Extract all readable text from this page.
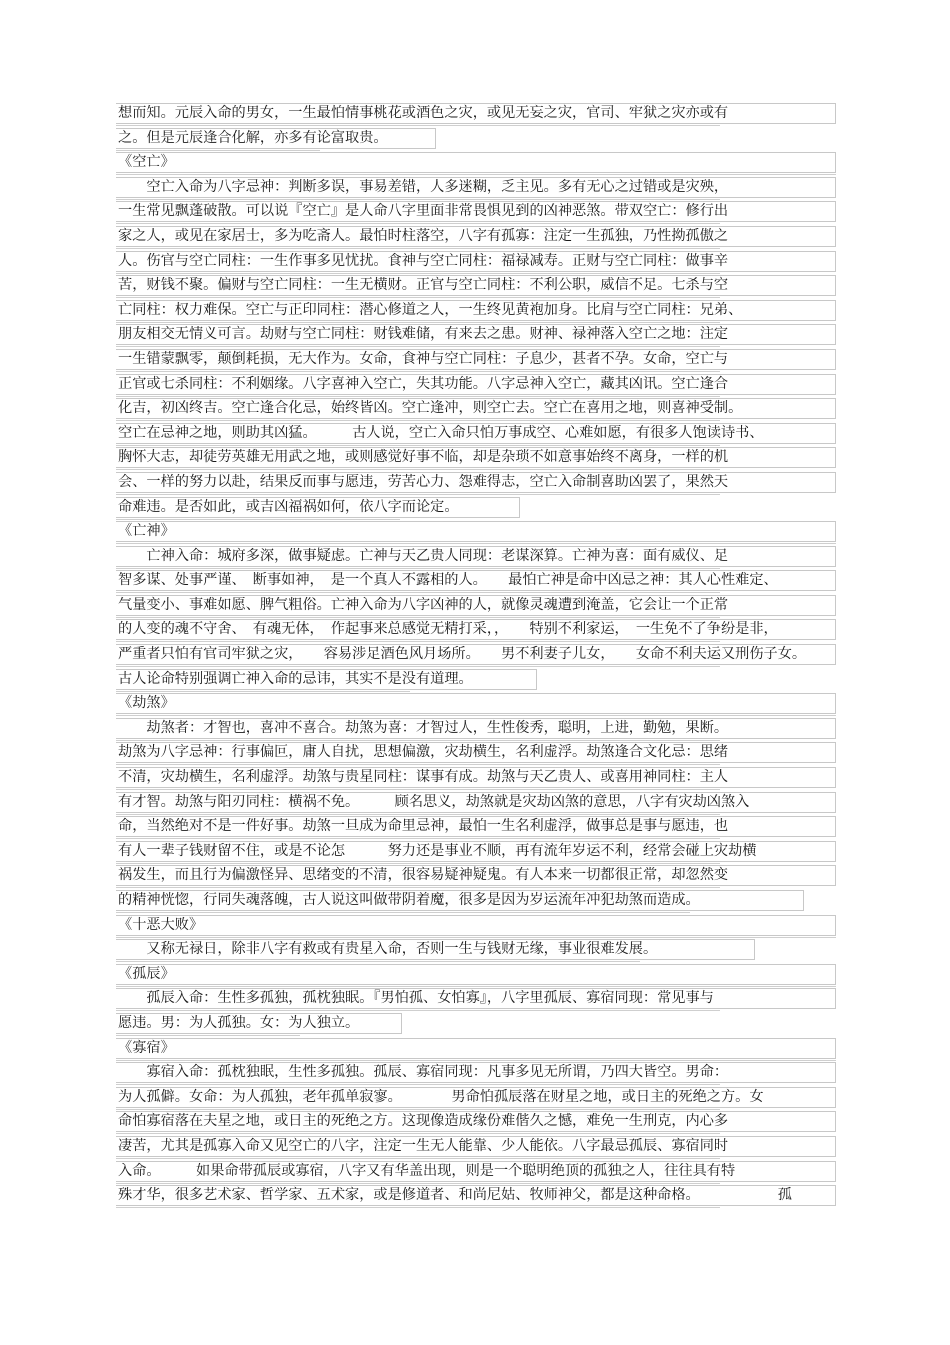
想而知。元辰入命的男女，一生最怕情事桃花或酒色之灾，或见无妄之灾，官司、牢狱之灾亦或有
之。但是元辰逢合化解，亦多有论富取贵。
《空亡》
　　空亡入命为八字忌神：判断多误，事易差错，人多迷糊，乏主见。多有无心之过错或是灾殃，
一生常见飘蓬破散。可以说『空亡』是人命八字里面非常畏惧见到的凶神恶煞。带双空亡：修行出
家之人，或见在家居士，多为吃斋人。最怕时柱落空，八字有孤寡：注定一生孤独，乃性拗孤傲之
人。伤官与空亡同柱：一生作事多见忧扰。食神与空亡同柱：福禄减寿。正财与空亡同柱：做事辛
苦，财钱不聚。偏财与空亡同柱：一生无横财。正官与空亡同柱：不利公职，威信不足。七杀与空
亡同柱：权力难保。空亡与正印同柱：潜心修道之人，一生终见黄袍加身。比肩与空亡同柱：兄弟、
朋友相交无情义可言。劫财与空亡同柱：财钱难储，有来去之患。财神、禄神落入空亡之地：注定
一生错蒙飘零，颠倒耗损，无大作为。女命，食神与空亡同柱：子息少，甚者不孕。女命，空亡与
正官或七杀同柱：不利姻缘。八字喜神入空亡，失其功能。八字忌神入空亡，藏其凶讯。空亡逢合
化吉，初凶终吉。空亡逢合化忌，始终皆凶。空亡逢冲，则空亡去。空亡在喜用之地，则喜神受制。
空亡在忌神之地，则助其凶猛。　　　古人说，空亡入命只怕万事成空、心难如愿，有很多人饱读诗书、
胸怀大志，却徒劳英雄无用武之地，或则感觉好事不临，却是杂琐不如意事始终不离身，一样的机
会、一样的努力以赴，结果反而事与愿违，劳苦心力、怨难得志，空亡入命制喜助凶罢了，果然天
命难违。是否如此，或吉凶福祸如何，依八字而论定。
《亡神》
　　亡神入命：城府多深，做事疑虑。亡神与天乙贵人同现：老谋深算。亡神为喜：面有威仪、足
智多谋、处事严谨、　断事如神，　是一个真人不露相的人。　　最怕亡神是命中凶忌之神：其人心性难定、
气量变小、事难如愿、脾气粗俗。亡神入命为八字凶神的人，就像灵魂遭到淹盖，它会让一个正常
的人变的魂不守舍、　有魂无体，　作起事来总感觉无精打采，，　　特别不利家运，　一生免不了争纷是非，
严重者只怕有官司牢狱之灾，　　容易涉足酒色风月场所。　　男不利妻子儿女，　　女命不利夫运又刑伤子女。
古人论命特别强调亡神入命的忌讳，其实不是没有道理。
《劫煞》
　　劫煞者：才智也，喜冲不喜合。劫煞为喜：才智过人，生性俊秀，聪明，上进，勤勉，果断。
劫煞为八字忌神：行事偏叵，庸人自扰，思想偏激，灾劫横生，名利虚浮。劫煞逢合文化忌：思绪
不清，灾劫横生，名利虚浮。劫煞与贵星同柱：谋事有成。劫煞与天乙贵人、或喜用神同柱：主人
有才智。劫煞与阳刃同柱：横祸不免。　　　顾名思义，劫煞就是灾劫凶煞的意思，八字有灾劫凶煞入
命，当然绝对不是一件好事。劫煞一旦成为命里忌神，最怕一生名利虚浮，做事总是事与愿违，也
有人一辈子钱财留不住，或是不论怎　　　努力还是事业不顺，再有流年岁运不利，经常会碰上灾劫横
祸发生，而且行为偏激怪异、思绪变的不清，很容易疑神疑鬼。有人本来一切都很正常，却忽然变
的精神恍惚，行同失魂落魄，古人说这叫做带阴着魔，很多是因为岁运流年冲犯劫煞而造成。
《十恶大败》
　　又称无禄日，除非八字有救或有贵星入命，否则一生与钱财无缘，事业很难发展。
《孤辰》
　　孤辰入命：生性多孤独，孤枕独眠。『男怕孤、女怕寡』，八字里孤辰、寡宿同现：常见事与
愿违。男：为人孤独。女：为人独立。
《寡宿》
　　寡宿入命：孤枕独眠，生性多孤独。孤辰、寡宿同现：凡事多见无所谓，乃四大皆空。男命：
为人孤僻。女命：为人孤独，老年孤单寂寥。　　　　男命怕孤辰落在财星之地，或日主的死绝之方。女
命怕寡宿落在夫星之地，或日主的死绝之方。这现像造成缘份难偕久之憾，难免一生刑克，内心多
凄苦，尤其是孤寡入命又见空亡的八字，注定一生无人能靠、少人能依。八字最忌孤辰、寡宿同时
入命。　　　如果命带孤辰或寡宿，八字又有华盖出现，则是一个聪明绝顶的孤独之人，往往具有特
殊才华，很多艺术家、哲学家、五术家，或是修道者、和尚尼姑、牧师神父，都是这种命格。　　　　　　孤
